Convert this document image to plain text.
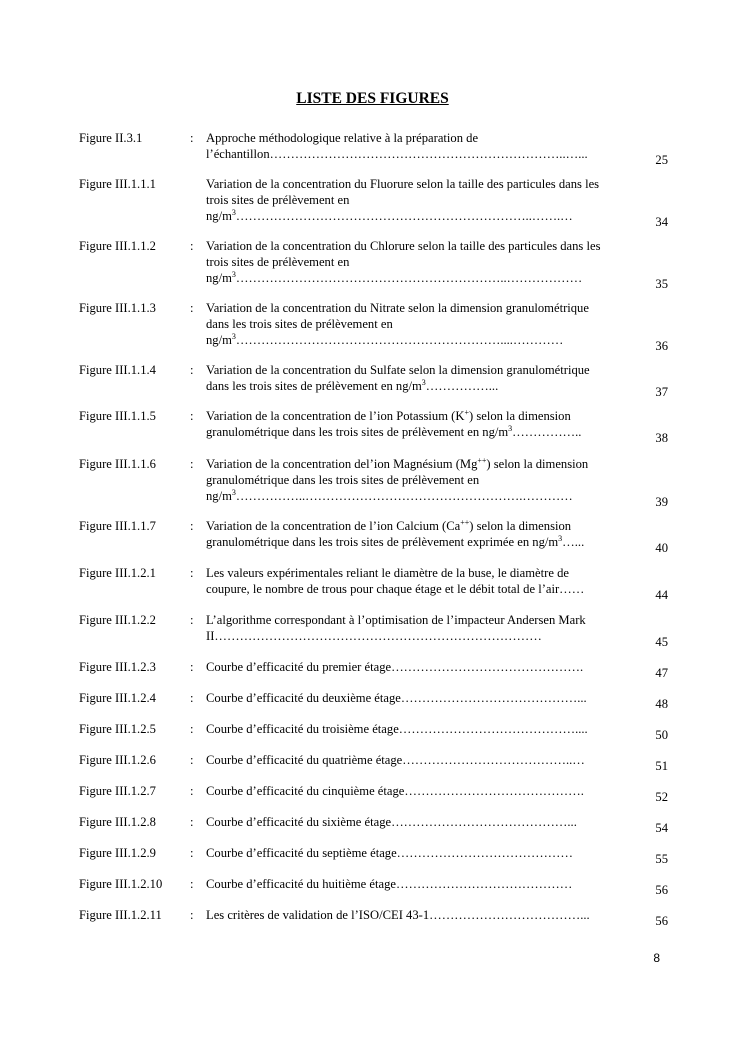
LISTE DES FIGURES
Figure II.3.1	: Approche méthodologique relative à la préparation de
l’échantillon……………………………………………………………..…...	25
Figure III.1.1.1	Variation de la concentration du Fluorure selon la taille des particules dans les
trois sites de prélèvement en
$ng/m^3\dots\dots\dots\dots\dots\dots\dots\dots\dots\dots\dots\dots\dots\dots\dots\dots\dots\dots\dots\dots\dots\dots\dots..\dots\dots.\dots$	34
Figure III.1.1.2	: Variation de la concentration du Chlorure selon la taille des particules dans les
trois sites de prélèvement en
$ng/m^3\dots\dots\dots\dots\dots\dots\dots\dots\dots\dots\dots\dots\dots\dots\dots\dots\dots\dots\dots\dots\dots..\dots\dots\dots\dots\dots\dots$	35
Figure III.1.1.3	: Variation de la concentration du Nitrate selon la dimension granulométrique
dans les trois sites de prélèvement en
$ng/m^3\dots\dots\dots\dots\dots\dots\dots\dots\dots\dots\dots\dots\dots\dots\dots\dots\dots\dots\dots\dots\dots....\dots\dots\dots\dots$	36
Figure III.1.1.4	: Variation de la concentration du Sulfate selon la dimension granulométrique
dans les trois sites de prélèvement en $ng/m^3\dots\dots\dots\dots\dots$...	37
Figure III.1.1.5	: Variation de la concentration de l’ion Potassium (K+) selon la dimension
granulométrique dans les trois sites de prélèvement en $ng/m^3\dots\dots\dots\dots\dots$..	38
Figure III.1.1.6	: Variation de la concentration del’ion Magnésium (Mg++) selon la dimension
granulométrique dans les trois sites de prélèvement en
$ng/m^3\dots\dots\dots\dots\dots..\dots\dots\dots\dots\dots\dots\dots\dots\dots\dots\dots\dots\dots\dots\dots\dots\dots.\dots\dots\dots\dots$	39
Figure III.1.1.7	: Variation de la concentration de l’ion Calcium (Ca++) selon la dimension
granulométrique dans les trois sites de prélèvement exprimée en $ng/m^3\dots$...	40
Figure III.1.2.1	: Les valeurs expérimentales reliant le diamètre de la buse, le diamètre de
coupure, le nombre de trous pour chaque étage et le débit total de l’air……	44
Figure III.1.2.2	: L’algorithme correspondant à l’optimisation de l’impacteur Andersen Mark
II……………………………………………………………………	45
Figure III.1.2.3	: Courbe d’efficacité du premier étage……………………………………….	47
Figure III.1.2.4	: Courbe d’efficacité du deuxième étage……………………………………...	48
Figure III.1.2.5	: Courbe d’efficacité du troisième étage……………………………………....	50
Figure III.1.2.6	: Courbe d’efficacité du quatrième étage…………………………………..…	51
Figure III.1.2.7	: Courbe d’efficacité du cinquième étage…………………………………….	52
Figure III.1.2.8	: Courbe d’efficacité du sixième étage……………………………………...	54
Figure III.1.2.9	: Courbe d’efficacité du septième étage……………………………………	55
Figure III.1.2.10 : Courbe d’efficacité du huitième étage……………………………………	56
Figure III.1.2.11 : Les critères de validation de l’ISO/CEI 43-1………………………………...	56
8
